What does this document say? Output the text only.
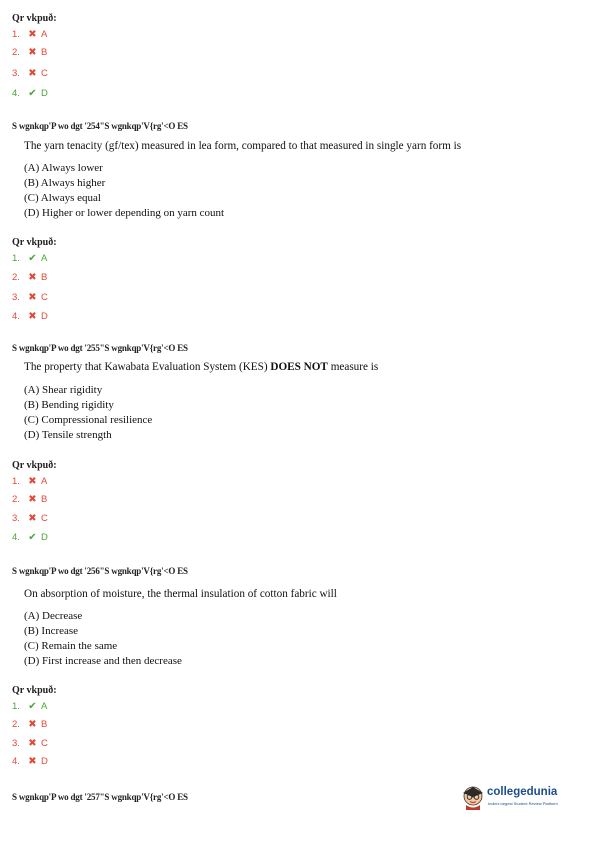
Qr vkpuð:
1. ✖ A
2. ✖ B
3. ✖ C
4. ✔ D
S wgnkqp'P wo dgt '254"S wgnkqp'V{rg'<O ES
The yarn tenacity (gf/tex) measured in lea form, compared to that measured in single yarn form is
(A) Always lower
(B) Always higher
(C) Always equal
(D) Higher or lower depending on yarn count
Qr vkpuð:
1. ✔ A
2. ✖ B
3. ✖ C
4. ✖ D
S wgnkqp'P wo dgt '255"S wgnkqp'V{rg'<O ES
The property that Kawabata Evaluation System (KES) DOES NOT measure is
(A) Shear rigidity
(B) Bending rigidity
(C) Compressional resilience
(D) Tensile strength
Qr vkpuð:
1. ✖ A
2. ✖ B
3. ✖ C
4. ✔ D
S wgnkqp'P wo dgt '256"S wgnkqp'V{rg'<O ES
On absorption of moisture, the thermal insulation of cotton fabric will
(A) Decrease
(B) Increase
(C) Remain the same
(D) First increase and then decrease
Qr vkpuð:
1. ✔ A
2. ✖ B
3. ✖ C
4. ✖ D
S wgnkqp'P wo dgt '257"S wgnkqp'V{rg'<O ES	collegedunia
India's largest Student Review Platform
